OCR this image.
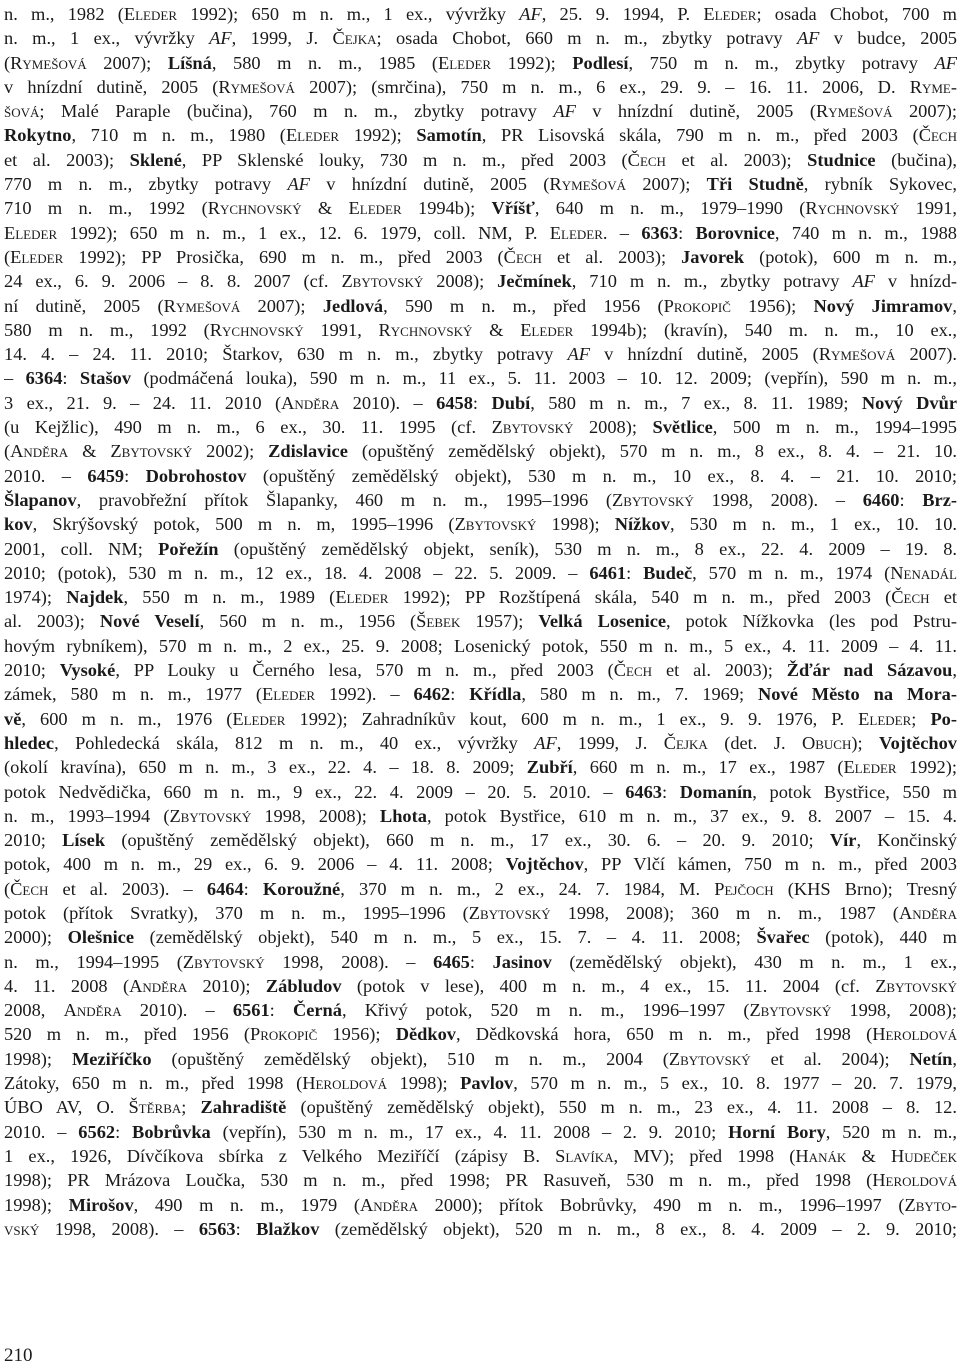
n. m., 1982 (Eleder 1992); 650 m n. m., 1 ex., vývržky AF, 25. 9. 1994, P. Eleder; osada Chobot, 700 m
n. m., 1 ex., vývržky AF, 1999, J. Čejka; osada Chobot, 660 m n. m., zbytky potravy AF v budce, 2005
(Rymešová 2007); Líšná, 580 m n. m., 1985 (Eleder 1992); Podlesí, 750 m n. m., zbytky potravy AF
v hnízdní dutině, 2005 (Rymešová 2007); (smrčina), 750 m n. m., 6 ex., 29. 9. – 16. 11. 2006, D. Ryme-
šová; Malé Paraple (bučina), 760 m n. m., zbytky potravy AF v hnízdní dutině, 2005 (Rymešová 2007);
Rokytno, 710 m n. m., 1980 (Eleder 1992); Samotín, PR Lisovská skála, 790 m n. m., před 2003 (Čech
et al. 2003); Sklené, PP Sklenské louky, 730 m n. m., před 2003 (Čech et al. 2003); Studnice (bučina),
770 m n. m., zbytky potravy AF v hnízdní dutině, 2005 (Rymešová 2007); Tři Studně, rybník Sykovec,
710 m n. m., 1992 (Rychnovský & Eleder 1994b); Vříšť, 640 m n. m., 1979–1990 (Rychnovský 1991,
Eleder 1992); 650 m n. m., 1 ex., 12. 6. 1979, coll. NM, P. Eleder. – 6363: Borovnice, 740 m n. m., 1988
(Eleder 1992); PP Prosička, 690 m n. m., před 2003 (Čech et al. 2003); Javorek (potok), 600 m n. m.,
24 ex., 6. 9. 2006 – 8. 8. 2007 (cf. Zbytovský 2008); Ječmínek, 710 m n. m., zbytky potravy AF v hnízd-
ní dutině, 2005 (Rymešová 2007); Jedlová, 590 m n. m., před 1956 (Prokopič 1956); Nový Jimramov,
580 m n. m., 1992 (Rychnovský 1991, Rychnovský & Eleder 1994b); (kravín), 540 m. n. m., 10 ex.,
14. 4. – 24. 11. 2010; Štarkov, 630 m n. m., zbytky potravy AF v hnízdní dutině, 2005 (Rymešová 2007).
– 6364: Stašov (podmáčená louka), 590 m n. m., 11 ex., 5. 11. 2003 – 10. 12. 2009; (vepřín), 590 m n. m.,
3 ex., 21. 9. – 24. 11. 2010 (Anděra 2010). – 6458: Dubí, 580 m n. m., 7 ex., 8. 11. 1989; Nový Dvůr
(u Kejžlic), 490 m n. m., 6 ex., 30. 11. 1995 (cf. Zbytovský 2008); Světlice, 500 m n. m., 1994–1995
(Anděra & Zbytovský 2002); Zdislavice (opuštěný zemědělský objekt), 570 m n. m., 8 ex., 8. 4. – 21. 10.
2010. – 6459: Dobrohostov (opuštěný zemědělský objekt), 530 m n. m., 10 ex., 8. 4. – 21. 10. 2010;
Šlapanov, pravobřežní přítok Šlapanky, 460 m n. m., 1995–1996 (Zbytovský 1998, 2008). – 6460: Brz-
kov, Skrýšovský potok, 500 m n. m, 1995–1996 (Zbytovský 1998); Nížkov, 530 m n. m., 1 ex., 10. 10.
2001, coll. NM; Pořežín (opuštěný zemědělský objekt, seník), 530 m n. m., 8 ex., 22. 4. 2009 – 19. 8.
2010; (potok), 530 m n. m., 12 ex., 18. 4. 2008 – 22. 5. 2009. – 6461: Budeč, 570 m n. m., 1974 (Nenadál
1974); Najdek, 550 m n. m., 1989 (Eleder 1992); PP Rozštípená skála, 540 m n. m., před 2003 (Čech et
al. 2003); Nové Veselí, 560 m n. m., 1956 (Šebek 1957); Velká Losenice, potok Nížkovka (les pod Pstru-
hovým rybníkem), 570 m n. m., 2 ex., 25. 9. 2008; Losenický potok, 550 m n. m., 5 ex., 4. 11. 2009 – 4. 11.
2010; Vysoké, PP Louky u Černého lesa, 570 m n. m., před 2003 (Čech et al. 2003); Žďár nad Sázavou,
zámek, 580 m n. m., 1977 (Eleder 1992). – 6462: Křídla, 580 m n. m., 7. 1969; Nové Město na Mora-
vě, 600 m n. m., 1976 (Eleder 1992); Zahradníkův kout, 600 m n. m., 1 ex., 9. 9. 1976, P. Eleder; Po-
hledec, Pohledecká skála, 812 m n. m., 40 ex., vývržky AF, 1999, J. Čejka (det. J. Obuch); Vojtěchov
(okolí kravína), 650 m n. m., 3 ex., 22. 4. – 18. 8. 2009; Zubří, 660 m n. m., 17 ex., 1987 (Eleder 1992);
potok Nedvědička, 660 m n. m., 9 ex., 22. 4. 2009 – 20. 5. 2010. – 6463: Domanín, potok Bystřice, 550 m
n. m., 1993–1994 (Zbytovský 1998, 2008); Lhota, potok Bystřice, 610 m n. m., 37 ex., 9. 8. 2007 – 15. 4.
2010; Lísek (opuštěný zemědělský objekt), 660 m n. m., 17 ex., 30. 6. – 20. 9. 2010; Vír, Končinský
potok, 400 m n. m., 29 ex., 6. 9. 2006 – 4. 11. 2008; Vojtěchov, PP Vlčí kámen, 750 m n. m., před 2003
(Čech et al. 2003). – 6464: Koroužné, 370 m n. m., 2 ex., 24. 7. 1984, M. Pejčoch (KHS Brno); Tresný
potok (přítok Svratky), 370 m n. m., 1995–1996 (Zbytovský 1998, 2008); 360 m n. m., 1987 (Anděra
2000); Olešnice (zemědělský objekt), 540 m n. m., 5 ex., 15. 7. – 4. 11. 2008; Švařec (potok), 440 m
n. m., 1994–1995 (Zbytovský 1998, 2008). – 6465: Jasinov (zemědělský objekt), 430 m n. m., 1 ex.,
4. 11. 2008 (Anděra 2010); Zábludov (potok v lese), 400 m n. m., 4 ex., 15. 11. 2004 (cf. Zbytovský
2008, Anděra 2010). – 6561: Černá, Křivý potok, 520 m n. m., 1996–1997 (Zbytovský 1998, 2008);
520 m n. m., před 1956 (Prokopič 1956); Dědkov, Dědkovská hora, 650 m n. m., před 1998 (Heroldová
1998); Meziříčko (opuštěný zemědělský objekt), 510 m n. m., 2004 (Zbytovský et al. 2004); Netín,
Zátoky, 650 m n. m., před 1998 (Heroldová 1998); Pavlov, 570 m n. m., 5 ex., 10. 8. 1977 – 20. 7. 1979,
ÚBO AV, O. Štěrba; Zahradiště (opuštěný zemědělský objekt), 550 m n. m., 23 ex., 4. 11. 2008 – 8. 12.
2010. – 6562: Bobrůvka (vepřín), 530 m n. m., 17 ex., 4. 11. 2008 – 2. 9. 2010; Horní Bory, 520 m n. m.,
1 ex., 1926, Dívčíkova sbírka z Velkého Meziříčí (zápisy B. Slavíka, MV); před 1998 (Hanák & Hudeček
1998); PR Mrázova Loučka, 530 m n. m., před 1998; PR Rasuveň, 530 m n. m., před 1998 (Heroldová
1998); Mirošov, 490 m n. m., 1979 (Anděra 2000); přítok Bobrůvky, 490 m n. m., 1996–1997 (Zbyto-
vský 1998, 2008). – 6563: Blažkov (zemědělský objekt), 520 m n. m., 8 ex., 8. 4. 2009 – 2. 9. 2010;
210
